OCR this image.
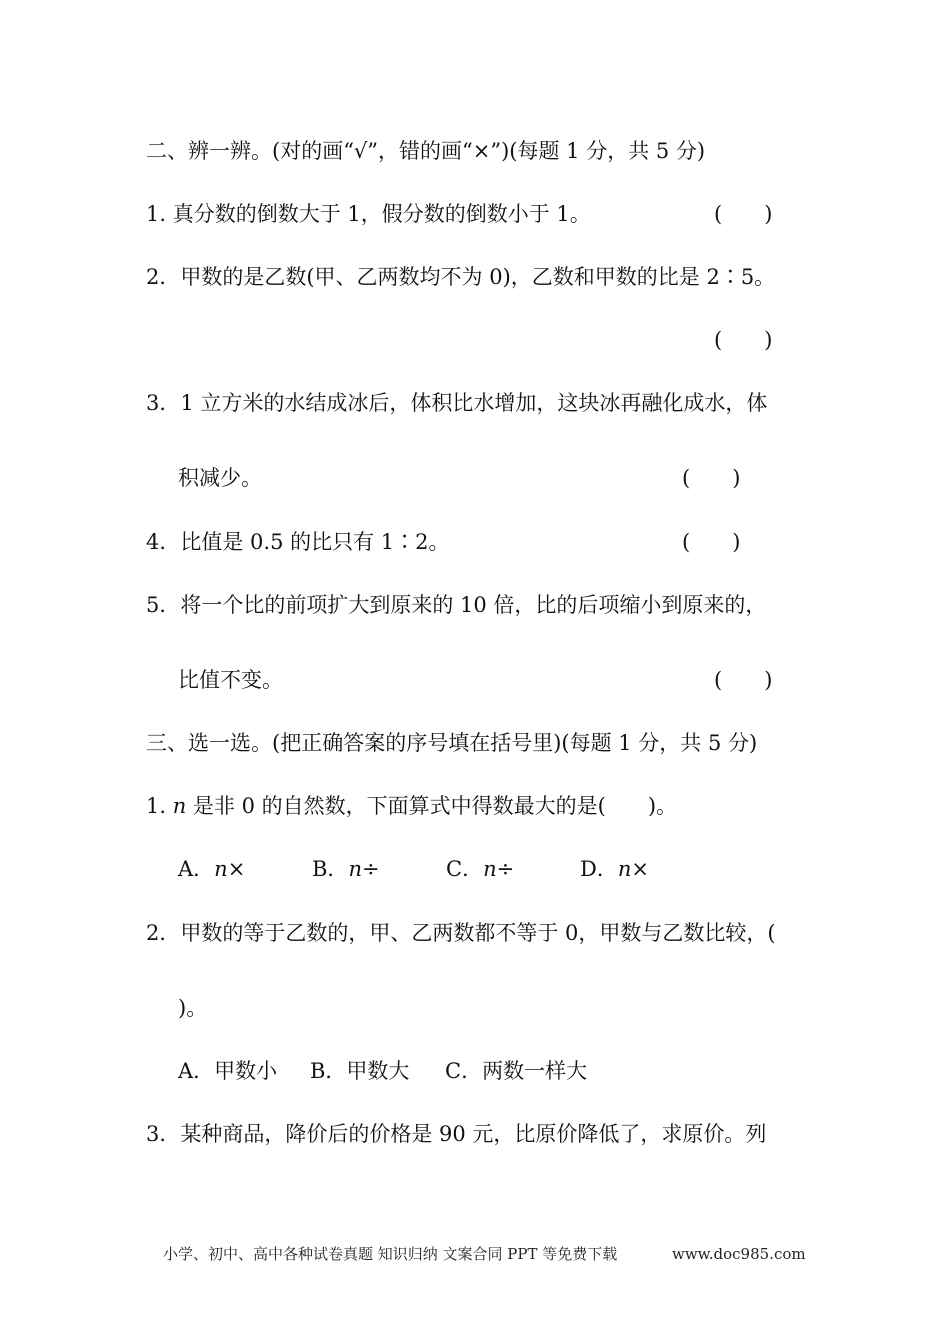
二、辨一辨。(对的画“√”，错的画“×”)(每题 1 分，共 5 分)
1. 真分数的倒数大于 1，假分数的倒数小于 1。	(　　)
2．甲数的是乙数(甲、乙两数均不为 0)，乙数和甲数的比是 2∶5。
(　　)
3．1 立方米的水结成冰后，体积比水增加，这块冰再融化成水，体
积减少。	(　　)
4．比值是 0.5 的比只有 1∶2。	(　　)
5．将一个比的前项扩大到原来的 10 倍，比的后项缩小到原来的，
比值不变。	(　　)
三、选一选。(把正确答案的序号填在括号里)(每题 1 分，共 5 分)
1. n 是非 0 的自然数，下面算式中得数最大的是(　　)。
A．n×	B．n÷	C．n÷	D．n×
2．甲数的等于乙数的，甲、乙两数都不等于 0，甲数与乙数比较，(
)。
A．甲数小 B．甲数大 C．两数一样大
3．某种商品，降价后的价格是 90 元，比原价降低了，求原价。列
小学、初中、高中各种试卷真题 知识归纳 文案合同 PPT 等免费下载	www.doc985.com
